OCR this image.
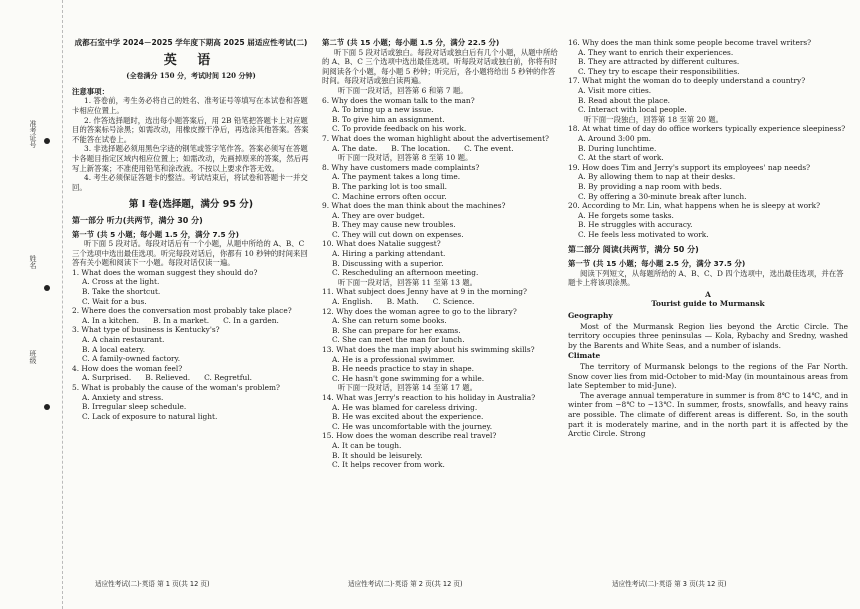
准考证号
姓名
班级
成都石室中学 2024－2025 学年度下期高 2025 届适应性考试(二)
英 语
(全卷满分 150 分，考试时间 120 分钟)
注意事项：

1. 答卷前，考生务必将自己的姓名、准考证号等填写在本试卷和答题卡相应位置上。

2. 作答选择题时，选出每小题答案后，用 2B 铅笔把答题卡上对应题目的答案标号涂黑；如需改动，用橡皮擦干净后，再选涂其他答案。答案不能答在试卷上。

3. 非选择题必须用黑色字迹的钢笔或签字笔作答。答案必须写在答题卡各题目指定区域内相应位置上；如需改动，先画掉原来的答案，然后再写上新答案；不准使用铅笔和涂改液。不按以上要求作答无效。

4. 考生必须保证答题卡的整洁。考试结束后，将试卷和答题卡一并交回。

第 Ⅰ 卷(选择题，满分 95 分)
第一部分 听力(共两节，满分 30 分)
第一节 (共 5 小题；每小题 1.5 分，满分 7.5 分)

听下面 5 段对话。每段对话后有一个小题，从题中所给的 A、B、C 三个选项中选出最佳选项。听完每段对话后，你都有 10 秒钟的时间来回答有关小题和阅读下一小题。每段对话仅读一遍。

1. What does the woman suggest they should do?

A. Cross at the light.
B. Take the shortcut.
C. Wait for a bus.

2. Where does the conversation most probably take place?

A. In a kitchen. B. In a market. C. In a garden.

3. What type of business is Kentucky's?

A. A chain restaurant.
B. A local eatery.
C. A family-owned factory.

4. How does the woman feel?

A. Surprised. B. Relieved. C. Regretful.

5. What is probably the cause of the woman's problem?

A. Anxiety and stress.
B. Irregular sleep schedule.
C. Lack of exposure to natural light.
第二节 (共 15 小题；每小题 1.5 分，满分 22.5 分)

听下面 5 段对话或独白。每段对话或独白后有几个小题，从题中所给的 A、B、C 三个选项中选出最佳选项。听每段对话或独白前，你将有时间阅读各个小题，每小题 5 秒钟；听完后，各小题将给出 5 秒钟的作答时间。每段对话或独白读两遍。

听下面一段对话，回答第 6 和第 7 题。

6. Why does the woman talk to the man?

A. To bring up a new issue.
B. To give him an assignment.
C. To provide feedback on his work.

7. What does the woman highlight about the advertisement?

A. The date. B. The location. C. The event.

听下面一段对话，回答第 8 至第 10 题。

8. Why have customers made complaints?

A. The payment takes a long time.
B. The parking lot is too small.
C. Machine errors often occur.

9. What does the man think about the machines?

A. They are over budget.
B. They may cause new troubles.
C. They will cut down on expenses.

10. What does Natalie suggest?

A. Hiring a parking attendant.
B. Discussing with a superior.
C. Rescheduling an afternoon meeting.

听下面一段对话，回答第 11 至第 13 题。

11. What subject does Jenny have at 9 in the morning?

A. English. B. Math. C. Science.

12. Why does the woman agree to go to the library?

A. She can return some books.
B. She can prepare for her exams.
C. She can meet the man for lunch.

13. What does the man imply about his swimming skills?

A. He is a professional swimmer.
B. He needs practice to stay in shape.
C. He hasn't gone swimming for a while.

听下面一段对话，回答第 14 至第 17 题。

14. What was Jerry's reaction to his holiday in Australia?

A. He was blamed for careless driving.
B. He was excited about the experience.
C. He was uncomfortable with the journey.

15. How does the woman describe real travel?

A. It can be tough.
B. It should be leisurely.
C. It helps recover from work.

16. Why does the man think some people become travel writers?

A. They want to enrich their experiences.
B. They are attracted by different cultures.
C. They try to escape their responsibilities.

17. What might the woman do to deeply understand a country?

A. Visit more cities.
B. Read about the place.
C. Interact with local people.

听下面一段独白，回答第 18 至第 20 题。

18. At what time of day do office workers typically experience sleepiness?

A. Around 3:00 pm.
B. During lunchtime.
C. At the start of work.

19. How does Tim and Jerry's support its employees' nap needs?

A. By allowing them to nap at their desks.
B. By providing a nap room with beds.
C. By offering a 30-minute break after lunch.

20. According to Mr. Lin, what happens when he is sleepy at work?

A. He forgets some tasks.
B. He struggles with accuracy.
C. He feels less motivated to work.
第二部分 阅读(共两节，满分 50 分)
第一节 (共 15 小题；每小题 2.5 分，满分 37.5 分)

阅读下列短文，从每题所给的 A、B、C、D 四个选项中，选出最佳选项，并在答题卡上将该项涂黑。

A
Tourist guide to Murmansk
Geography

Most of the Murmansk Region lies beyond the Arctic Circle. The territory occupies three peninsulas — Kola, Rybachy and Sredny, washed by the Barents and White Seas, and a number of islands.

Climate

The territory of Murmansk belongs to the regions of the Far North. Snow cover lies from mid-October to mid-May (in mountainous areas from late September to mid-June).

The average annual temperature in summer is from 8℃ to 14℃, and in winter from −8℃ to −13℃. In summer, frosts, snowfalls, and heavy rains are possible. The climate of different areas is different. So, in the south part it is moderately marine, and in the north part it is affected by the Arctic Circle. Strong

适应性考试(二)·英语 第 1 页(共 12 页)	适应性考试(二)·英语 第 2 页(共 12 页)	适应性考试(二)·英语 第 3 页(共 12 页)
